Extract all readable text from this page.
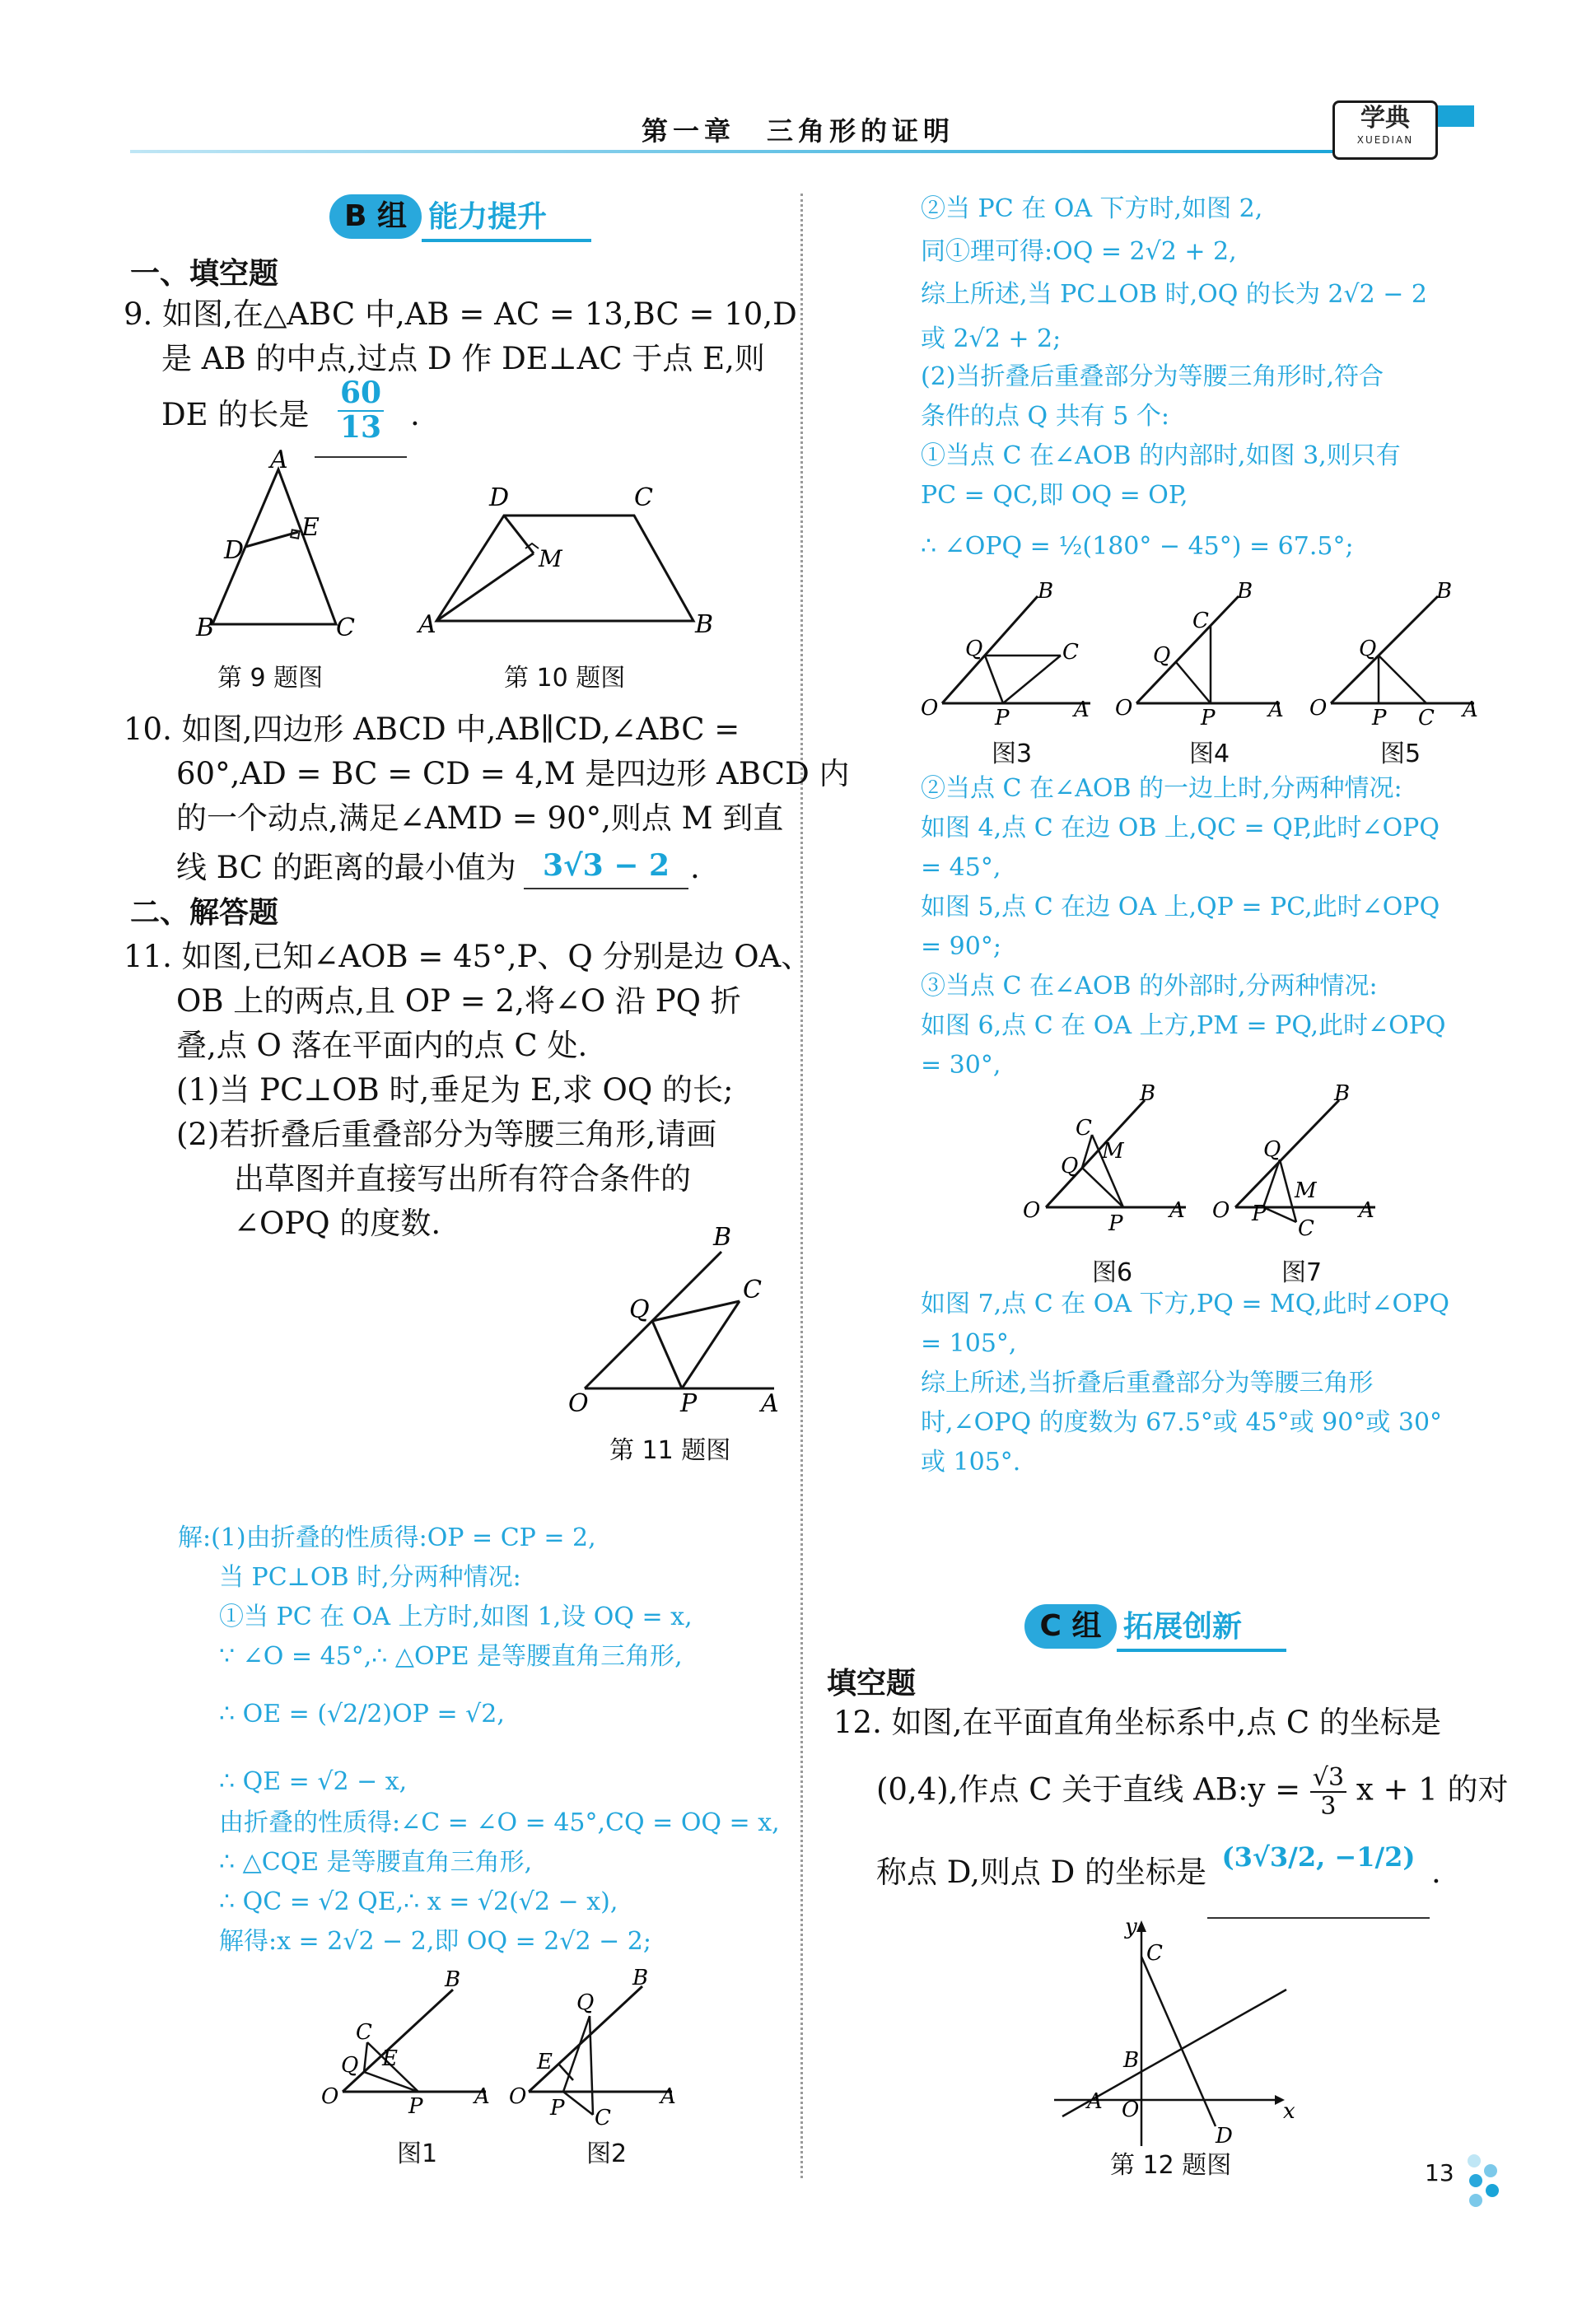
第一章　三角形的证明	学典
XUEDIAN
B 组 能力提升
一、填空题
9. 如图,在△ABC 中,AB = AC = 13,BC = 10,D
是 AB 的中点,过点 D 作 DE⊥AC 于点 E,则
DE 的长是 $\frac{60}{13}$ .
A
D
E
B	C
第 9 题图
D	C
M
A	B
第 10 题图
10. 如图,四边形 ABCD 中,AB∥CD,∠ABC =
60°,AD = BC = CD = 4,M 是四边形 ABCD 内
的一个动点,满足∠AMD = 90°,则点 M 到直
线 BC 的距离的最小值为 3√3 − 2 .
二、解答题
11. 如图,已知∠AOB = 45°,P、Q 分别是边 OA、
OB 上的两点,且 OP = 2,将∠O 沿 PQ 折
叠,点 O 落在平面内的点 C 处.
(1)当 PC⊥OB 时,垂足为 E,求 OQ 的长;
(2)若折叠后重叠部分为等腰三角形,请画
出草图并直接写出所有符合条件的
∠OPQ 的度数.	B
C
Q
O	P	A
第 11 题图
解:(1)由折叠的性质得:OP = CP = 2,
当 PC⊥OB 时,分两种情况:
①当 PC 在 OA 上方时,如图 1,设 OQ = x,
∵ ∠O = 45°,∴ △OPE 是等腰直角三角形,
∴ OE = (√2/2)OP = √2,
∴ QE = √2 − x,
由折叠的性质得:∠C = ∠O = 45°,CQ = OQ = x,
∴ △CQE 是等腰直角三角形,
∴ QC = √2 QE,∴ x = √2(√2 − x),
解得:x = 2√2 − 2,即 OQ = 2√2 − 2;
B
C
Q E
O	P A
图1
B
Q
E
O P C
A
图2
②当 PC 在 OA 下方时,如图 2,
同①理可得:OQ = 2√2 + 2,
综上所述,当 PC⊥OB 时,OQ 的长为 2√2 − 2
或 2√2 + 2;
(2)当折叠后重叠部分为等腰三角形时,符合
条件的点 Q 共有 5 个:
①当点 C 在∠AOB 的内部时,如图 3,则只有
PC = QC,即 OQ = OP,
∴ ∠OPQ = ½(180° − 45°) = 67.5°;
B
C
Q
O	P	A
图3
B
C
Q
O	P A
图4
B
Q
O P C A
图5
②当点 C 在∠AOB 的一边上时,分两种情况:
如图 4,点 C 在边 OB 上,QC = QP,此时∠OPQ
= 45°,
如图 5,点 C 在边 OA 上,QP = PC,此时∠OPQ
= 90°;
③当点 C 在∠AOB 的外部时,分两种情况:
如图 6,点 C 在 OA 上方,PM = PQ,此时∠OPQ
= 30°,
B
C
M
Q
O
P
A
图6
B
Q
M
O P
C
A
图7
如图 7,点 C 在 OA 下方,PQ = MQ,此时∠OPQ
= 105°,
综上所述,当折叠后重叠部分为等腰三角形
时,∠OPQ 的度数为 67.5°或 45°或 90°或 30°
或 105°.
C 组 拓展创新
填空题
12. 如图,在平面直角坐标系中,点 C 的坐标是
(0,4),作点 C 关于直线 AB:y = $\frac{√3}{3}$ x + 1 的对
称点 D,则点 D 的坐标是 (3√3/2, −1/2) .
y
C
B
A O	x
D
第 12 题图	13
